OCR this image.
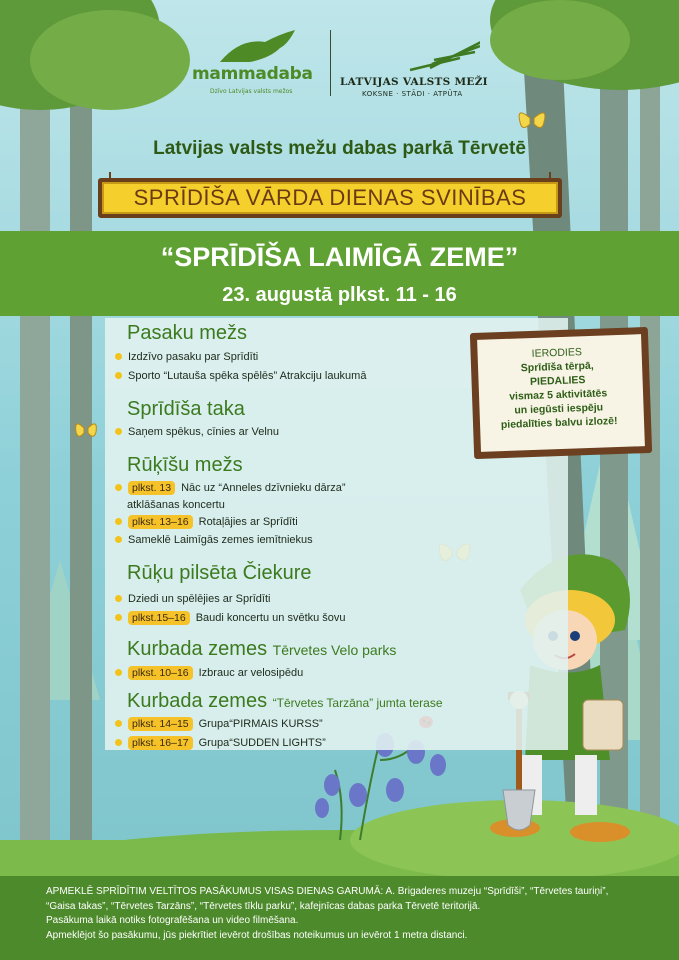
mammadaba
Dzīvo Latvijas valsts mežos
LATVIJAS VALSTS MEŽI
KOKSNE · STĀDI · ATPŪTA
Latvijas valsts mežu dabas parkā Tērvetē
SPRĪDĪŠA VĀRDA DIENAS SVINĪBAS
“SPRĪDĪŠA LAIMĪGĀ ZEME”
23. augustā plkst. 11 - 16
Pasaku mežs
Izdzīvo pasaku par Sprīdīti
Sporto “Lutauša spēka spēlēs” Atrakciju laukumā
Sprīdīša taka
Saņem spēkus, cīnies ar Velnu
Rūķīšu mežs
plkst. 13 Nāc uz “Anneles dzīvnieku dārza”
atklāšanas koncertu
plkst. 13–16 Rotaļājies ar Sprīdīti
Sameklē Laimīgās zemes iemītniekus
Rūķu pilsēta Čiekure
Dziedi un spēlējies ar Sprīdīti
plkst.15–16 Baudi koncertu un svētku šovu
Kurbada zemes Tērvetes Velo parks
plkst. 10–16 Izbrauc ar velosipēdu
Kurbada zemes “Tērvetes Tarzāna” jumta terase
plkst. 14–15 Grupa“PIRMAIS KURSS”
plkst. 16–17 Grupa“SUDDEN LIGHTS”
IERODIES
Sprīdīša tērpā,
PIEDALIES
vismaz 5 aktivitātēs
un iegūsti iespēju
piedalīties balvu izlozē!
APMEKLĒ SPRĪDĪTIM VELTĪTOS PASĀKUMUS VISAS DIENAS GARUMĀ: A. Brigaderes muzeju “Sprīdīši”, “Tērvetes tauriņi”,
“Gaisa takas”, “Tērvetes Tarzāns”, “Tērvetes tīklu parku”, kafejnīcas dabas parka Tērvetē teritorijā.
Pasākuma laikā notiks fotografēšana un video filmēšana.
Apmeklējot šo pasākumu, jūs piekrītiet ievērot drošības noteikumus un ievērot 1 metra distanci.
